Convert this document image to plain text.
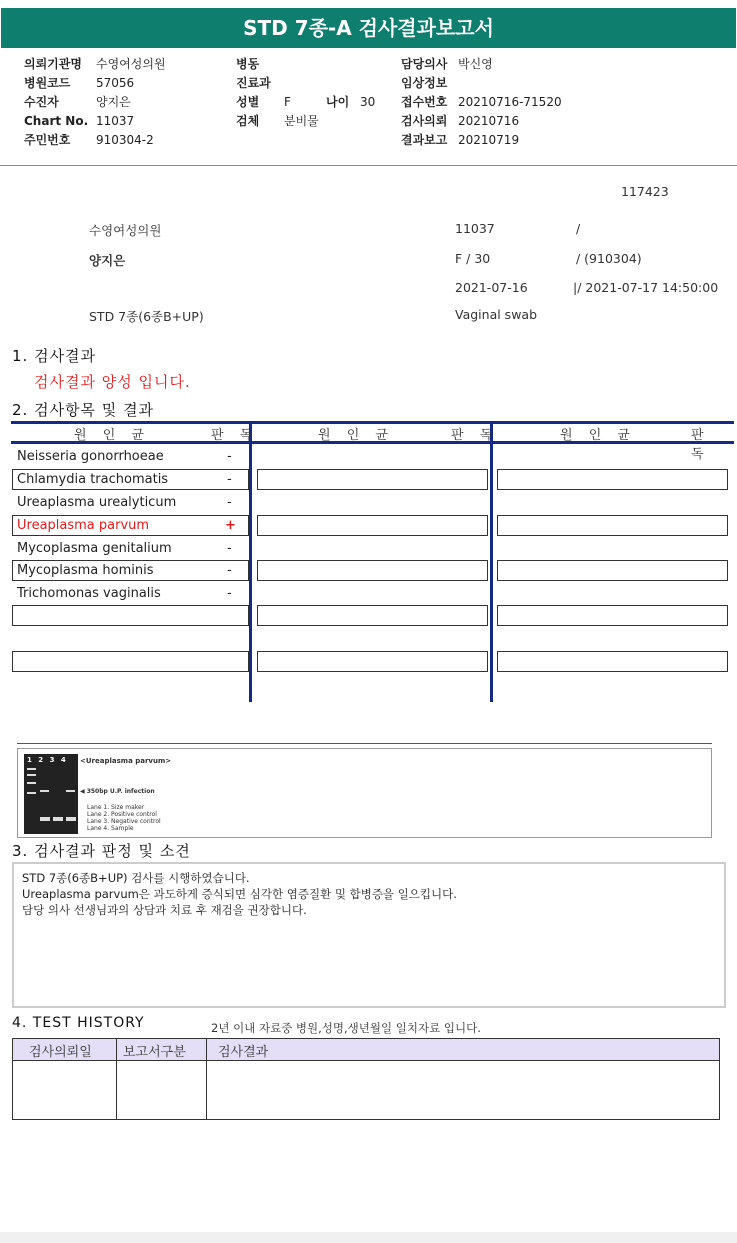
STD 7종-A 검사결과보고서
의뢰기관명 수영여성의원
병원코드 57056
수진자	양지은
Chart No. 11037
주민번호 910304-2
병동
진료과
성별 F	나이 30
검체 분비물
담당의사 박신영
임상정보
접수번호 20210716-71520
검사의뢰 20210716
결과보고 20210719
117423
수영여성의원	11037	/
양지은	F / 30	/ (910304)
2021-07-16	|/ 2021-07-17 14:50:00
STD 7종(6종B+UP)	Vaginal swab
1. 검사결과
검사결과 양성 입니다.
2. 검사항목 및 결과
원 인 균	판 독	원 인 균	판 독	원 인 균	판 독
Neisseria gonorrhoeae	-
Chlamydia trachomatis	-
Ureaplasma urealyticum	-
Ureaplasma parvum	+
Mycoplasma genitalium	-
Mycoplasma hominis	-
Trichomonas vaginalis	-
1 2 3 4 <Ureaplasma parvum>
◀ 350bp U.P. infection
Lane 1. Size maker
Lane 2. Positive control
Lane 3. Negative control
Lane 4. Sample
3. 검사결과 판정 및 소견
STD 7종(6종B+UP) 검사를 시행하였습니다.
Ureaplasma parvum은 과도하게 증식되면 심각한 염증질환 및 합병증을 일으킵니다.
담당 의사 선생님과의 상담과 치료 후 재검을 권장합니다.
4. TEST HISTORY	2년 이내 자료중 병원,성명,생년월일 일치자료 입니다.
검사의뢰일 보고서구분 검사결과
